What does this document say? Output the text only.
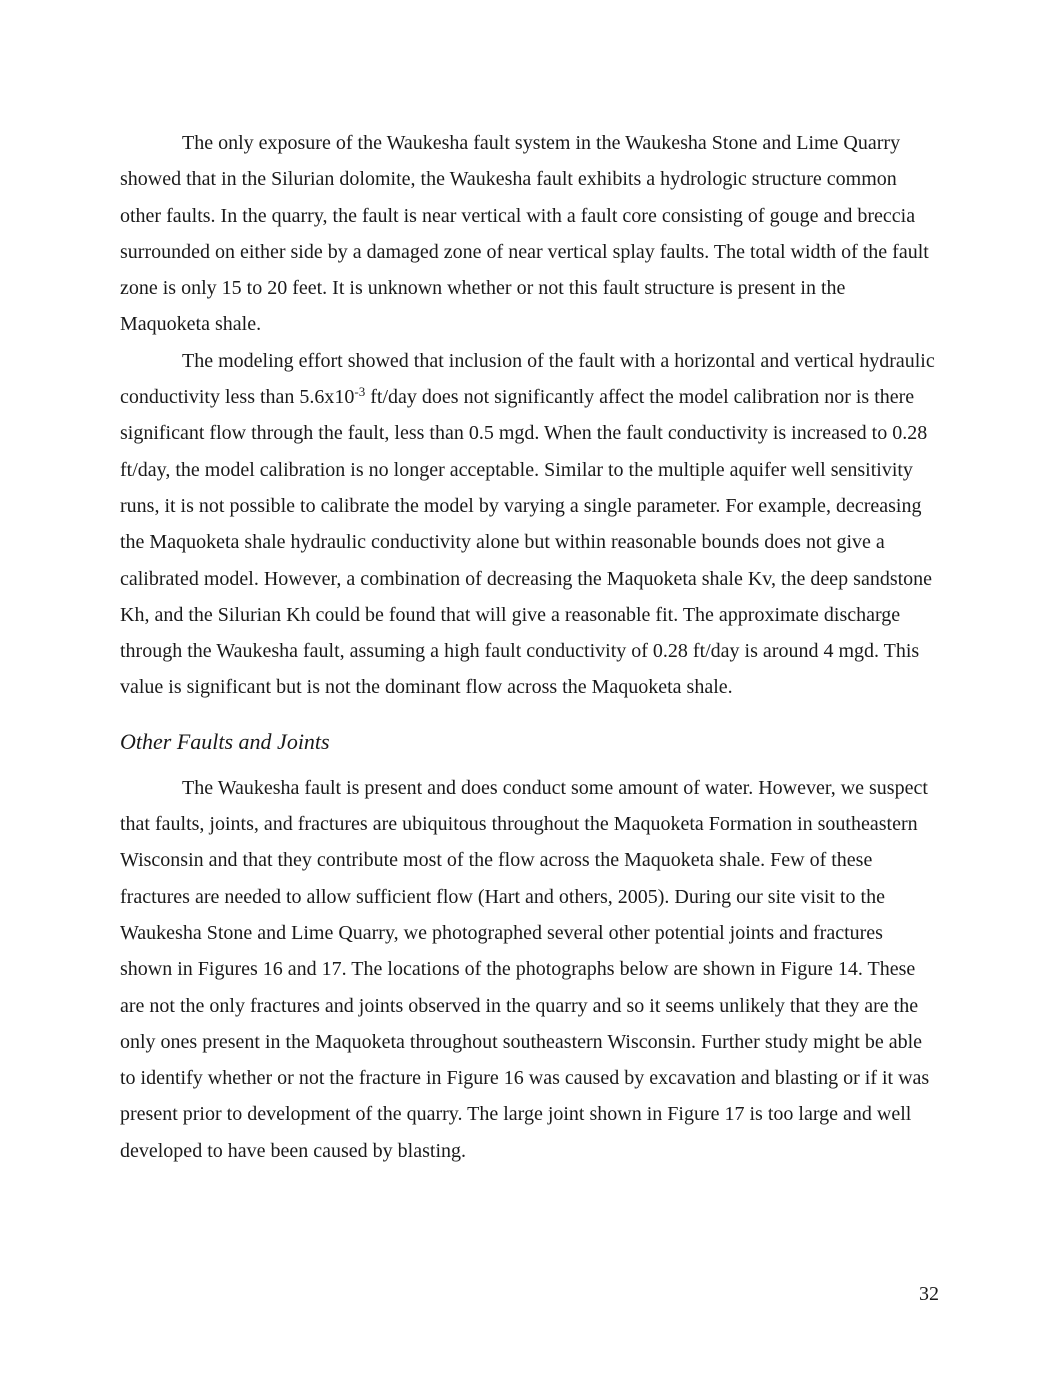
The only exposure of the Waukesha fault system in the Waukesha Stone and Lime Quarry showed that in the Silurian dolomite, the Waukesha fault exhibits a hydrologic structure common other faults. In the quarry, the fault is near vertical with a fault core consisting of gouge and breccia surrounded on either side by a damaged zone of near vertical splay faults. The total width of the fault zone is only 15 to 20 feet. It is unknown whether or not this fault structure is present in the Maquoketa shale.

The modeling effort showed that inclusion of the fault with a horizontal and vertical hydraulic conductivity less than $5.6x10^{-3}$ ft/day does not significantly affect the model calibration nor is there significant flow through the fault, less than 0.5 mgd. When the fault conductivity is increased to 0.28 ft/day, the model calibration is no longer acceptable. Similar to the multiple aquifer well sensitivity runs, it is not possible to calibrate the model by varying a single parameter. For example, decreasing the Maquoketa shale hydraulic conductivity alone but within reasonable bounds does not give a calibrated model. However, a combination of decreasing the Maquoketa shale Kv, the deep sandstone Kh, and the Silurian Kh could be found that will give a reasonable fit. The approximate discharge through the Waukesha fault, assuming a high fault conductivity of 0.28 ft/day is around 4 mgd. This value is significant but is not the dominant flow across the Maquoketa shale.

Other Faults and Joints

The Waukesha fault is present and does conduct some amount of water. However, we suspect that faults, joints, and fractures are ubiquitous throughout the Maquoketa Formation in southeastern Wisconsin and that they contribute most of the flow across the Maquoketa shale. Few of these fractures are needed to allow sufficient flow (Hart and others, 2005). During our site visit to the Waukesha Stone and Lime Quarry, we photographed several other potential joints and fractures shown in Figures 16 and 17. The locations of the photographs below are shown in Figure 14. These are not the only fractures and joints observed in the quarry and so it seems unlikely that they are the only ones present in the Maquoketa throughout southeastern Wisconsin. Further study might be able to identify whether or not the fracture in Figure 16 was caused by excavation and blasting or if it was present prior to development of the quarry. The large joint shown in Figure 17 is too large and well developed to have been caused by blasting.

32
